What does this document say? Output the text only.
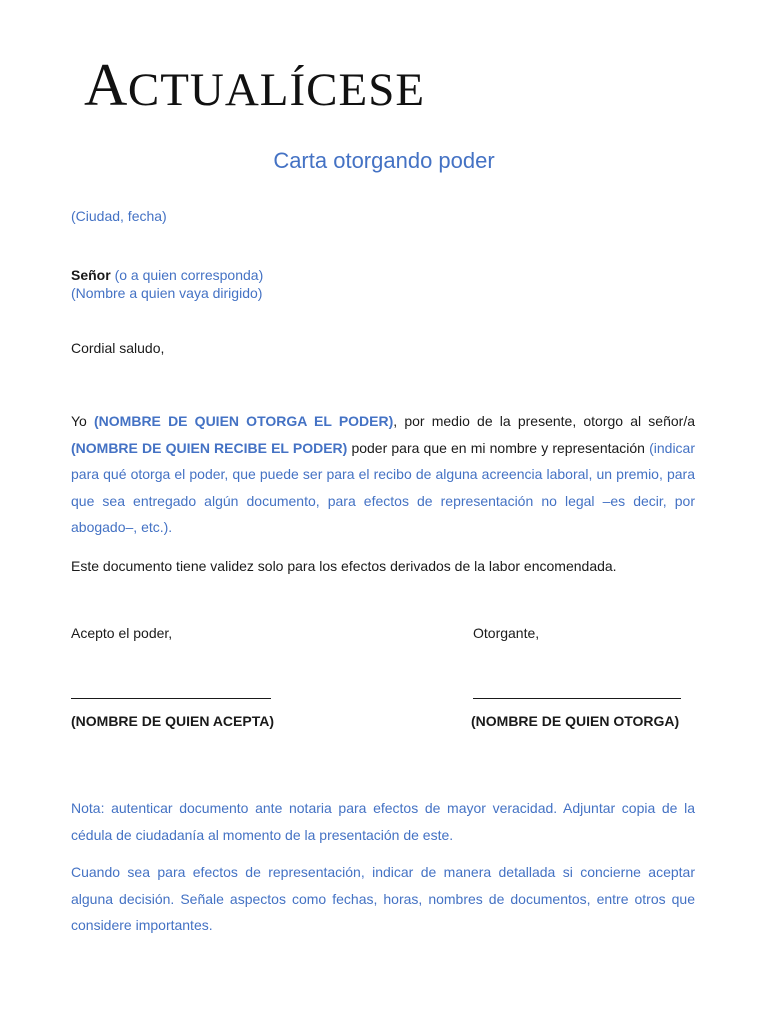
ACTUALÍCESE
Carta otorgando poder
(Ciudad, fecha)
Señor (o a quien corresponda)
(Nombre a quien vaya dirigido)
Cordial saludo,
Yo (NOMBRE DE QUIEN OTORGA EL PODER), por medio de la presente, otorgo al señor/a (NOMBRE DE QUIEN RECIBE EL PODER) poder para que en mi nombre y representación (indicar para qué otorga el poder, que puede ser para el recibo de alguna acreencia laboral, un premio, para que sea entregado algún documento, para efectos de representación no legal –es decir, por abogado–, etc.).
Este documento tiene validez solo para los efectos derivados de la labor encomendada.
Acepto el poder,	Otorgante,
(NOMBRE DE QUIEN ACEPTA)	(NOMBRE DE QUIEN OTORGA)
Nota: autenticar documento ante notaria para efectos de mayor veracidad. Adjuntar copia de la cédula de ciudadanía al momento de la presentación de este.
Cuando sea para efectos de representación, indicar de manera detallada si concierne aceptar alguna decisión. Señale aspectos como fechas, horas, nombres de documentos, entre otros que considere importantes.
